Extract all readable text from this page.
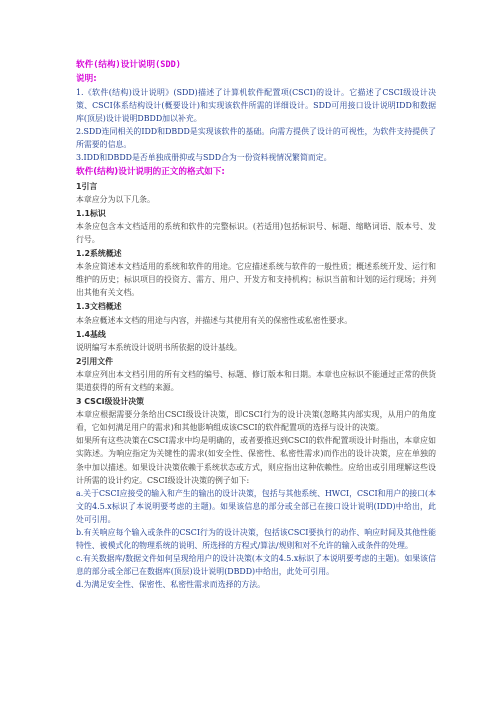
软件(结构)设计说明(SDD)
说明:

1.《软件(结构)设计说明》(SDD)描述了计算机软件配置项(CSCI)的设计。它描述了CSCI级设计决策、CSCI体系结构设计(概要设计)和实现该软件所需的详细设计。SDD可用接口设计说明IDD和数据库(顶层)设计说明DBDD加以补充。

2.SDD连同相关的IDD和DBDD是实现该软件的基础。向需方提供了设计的可视性，为软件支持提供了所需要的信息。

3.IDD和DBDD是否单独成册抑或与SDD合为一份资料视情况繁简而定。

软件(结构)设计说明的正文的格式如下:
1引言

本章应分为以下几条。

1.1标识

本条应包含本文档适用的系统和软件的完整标识。(若适用)包括标识号、标题、缩略词语、版本号、发行号。

1.2系统概述

本条应简述本文档适用的系统和软件的用途。它应描述系统与软件的一般性质；概述系统开发、运行和维护的历史；标识项目的投资方、需方、用户、开发方和支持机构；标识当前和计划的运行现场；并列出其他有关文档。

1.3文档概述

本条应概述本文档的用途与内容，并描述与其使用有关的保密性或私密性要求。

1.4基线

说明编写本系统设计说明书所依据的设计基线。

2引用文件

本章应列出本文档引用的所有文档的编号、标题、修订版本和日期。本章也应标识不能通过正常的供货渠道获得的所有文档的来源。

3 CSCI级设计决策

本章应根据需要分条给出CSCI级设计决策，即CSCI行为的设计决策(忽略其内部实现，从用户的角度看，它如何满足用户的需求)和其他影响组成该CSCI的软件配置项的选择与设计的决策。

如果所有这些决策在CSCI需求中均是明确的，或者要推迟到CSCI的软件配置项设计时指出，本章应如实陈述。为响应指定为关键性的需求(如安全性、保密性、私密性需求)而作出的设计决策，应在单独的条中加以描述。如果设计决策依赖于系统状态或方式，则应指出这种依赖性。应给出或引用理解这些设计所需的设计约定。CSCI级设计决策的例子如下:

a.关于CSCI应接受的输入和产生的输出的设计决策，包括与其他系统、HWCI，CSCI和用户的接口(本文的4.5.x标识了本说明要考虑的主题)。如果该信息的部分或全部已在接口设计说明(IDD)中给出，此处可引用。

b.有关响应每个输入或条件的CSCI行为的设计决策，包括该CSCI要执行的动作、响应时间及其他性能特性、被模式化的物理系统的说明、所选择的方程式/算法/规则和对不允许的输入或条件的处理。

c.有关数据库/数据文件如何呈现给用户的设计决策(本文的4.5.x标识了本说明要考虑的主题)。如果该信息的部分或全部已在数据库(顶层)设计说明(DBDD)中给出，此处可引用。

d.为满足安全性、保密性、私密性需求而选择的方法。
